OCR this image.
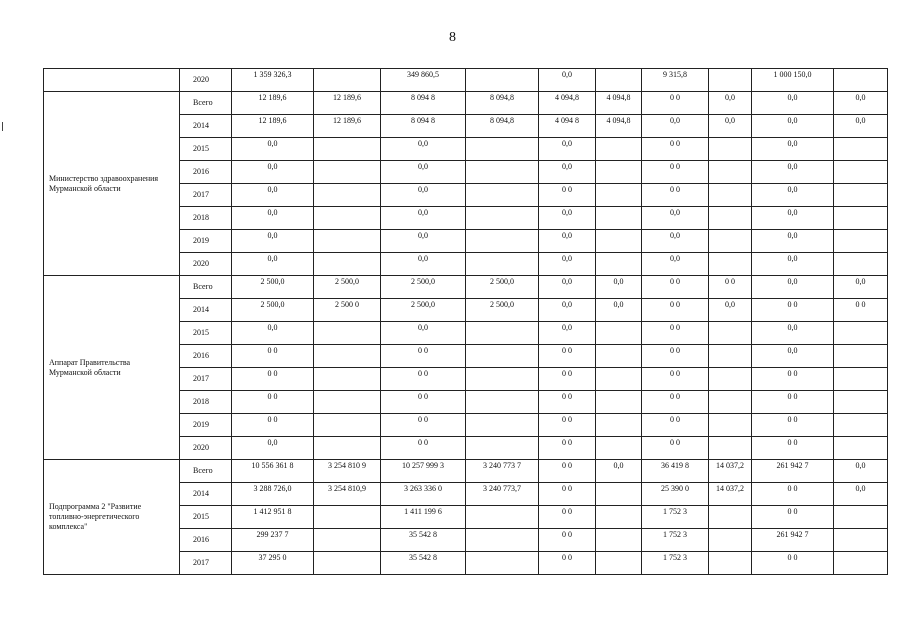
8
	2020	1 359 326,3		349 860,5		0,0		9 315,8		1 000 150,0	
Министерство здравоохранения Мурманской области	Всего	12 189,6	12 189,6	8 094 8	8 094,8	4 094,8	4 094,8	0 0	0,0	0,0	0,0
	2014	12 189,6	12 189,6	8 094 8	8 094,8	4 094 8	4 094,8	0,0	0,0	0,0	0,0
	2015	0,0		0,0		0,0		0 0		0,0	
	2016	0,0		0,0		0,0		0 0		0,0	
	2017	0,0		0,0		0 0		0 0		0,0	
	2018	0,0		0,0		0,0		0,0		0,0	
	2019	0,0		0,0		0,0		0,0		0,0	
	2020	0,0		0,0		0,0		0,0		0,0	
Аппарат Правительства Мурманской области	Всего	2 500,0	2 500,0	2 500,0	2 500,0	0,0	0,0	0 0	0 0	0,0	0,0
	2014	2 500,0	2 500 0	2 500,0	2 500,0	0,0	0,0	0 0	0,0	0 0	0 0
	2015	0,0		0,0		0,0		0 0		0,0	
	2016	0 0		0 0		0 0		0 0		0,0	
	2017	0 0		0 0		0 0		0 0		0 0	
	2018	0 0		0 0		0 0		0 0		0 0	
	2019	0 0		0 0		0 0		0 0		0 0	
	2020	0,0		0 0		0 0		0 0		0 0	
Подпрограмма 2 "Развитие топливно-энергетического комплекса"	Всего	10 556 361 8	3 254 810 9	10 257 999 3	3 240 773 7	0 0	0,0	36 419 8	14 037,2	261 942 7	0,0
	2014	3 288 726,0	3 254 810,9	3 263 336 0	3 240 773,7	0 0		25 390 0	14 037,2	0 0	0,0
	2015	1 412 951 8		1 411 199 6		0 0		1 752 3		0 0	
	2016	299 237 7		35 542 8		0 0		1 752 3		261 942 7	
	2017	37 295 0		35 542 8		0 0		1 752 3		0 0	
